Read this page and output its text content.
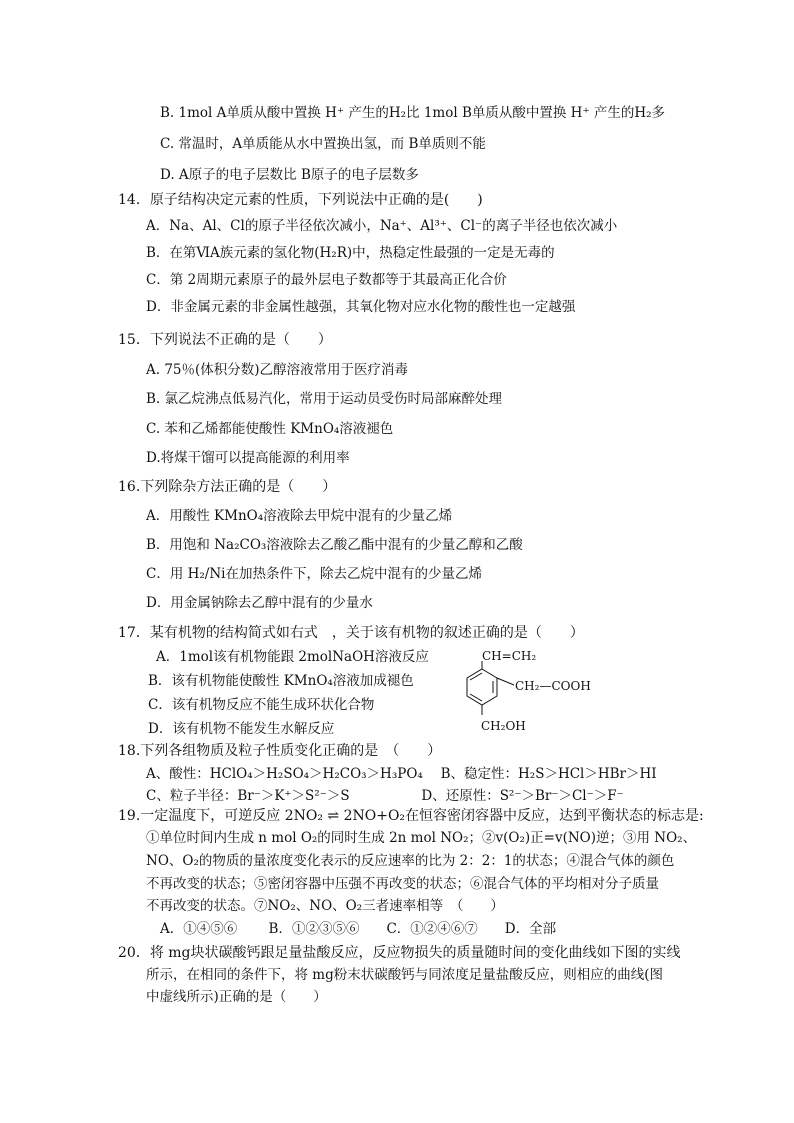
B. 1mol A单质从酸中置换 H⁺ 产生的H₂比 1mol B单质从酸中置换 H⁺ 产生的H₂多
C. 常温时，A单质能从水中置换出氢，而 B单质则不能
D. A原子的电子层数比 B原子的电子层数多
14．原子结构决定元素的性质，下列说法中正确的是(　　)
A．Na、Al、Cl的原子半径依次减小，Na⁺、Al³⁺、Cl⁻的离子半径也依次减小
B．在第ⅥA族元素的氢化物(H₂R)中，热稳定性最强的一定是无毒的
C．第 2周期元素原子的最外层电子数都等于其最高正化合价
D．非金属元素的非金属性越强，其氧化物对应水化物的酸性也一定越强
15．下列说法不正确的是（　　）
A. 75％(体积分数)乙醇溶液常用于医疗消毒
B. 氯乙烷沸点低易汽化，常用于运动员受伤时局部麻醉处理
C. 苯和乙烯都能使酸性 KMnO₄溶液褪色
D.将煤干馏可以提高能源的利用率
16.下列除杂方法正确的是（　　）
A．用酸性 KMnO₄溶液除去甲烷中混有的少量乙烯
B．用饱和 Na₂CO₃溶液除去乙酸乙酯中混有的少量乙醇和乙酸
C．用 H₂/Ni在加热条件下，除去乙烷中混有的少量乙烯
D．用金属钠除去乙醇中混有的少量水
17．某有机物的结构简式如右式　，关于该有机物的叙述正确的是（　　）
A．1mol该有机物能跟 2molNaOH溶液反应
B．该有机物能使酸性 KMnO₄溶液加成褪色
C．该有机物反应不能生成环状化合物
D．该有机物不能发生水解反应
18.下列各组物质及粒子性质变化正确的是　（　　）
A、酸性：HClO₄＞H₂SO₄＞H₂CO₃＞H₃PO₄　 B、稳定性：H₂S＞HCl＞HBr＞HI
C、粒子半径：Br⁻＞K⁺＞S²⁻＞S　　　　　 D、还原性：S²⁻＞Br⁻＞Cl⁻＞F⁻
19.一定温度下，可逆反应 2NO₂ ⇌ 2NO+O₂在恒容密闭容器中反应，达到平衡状态的标志是:
①单位时间内生成 n mol O₂的同时生成 2n mol NO₂；②v(O₂)正=v(NO)逆；③用 NO₂、
NO、O₂的物质的量浓度变化表示的反应速率的比为 2：2：1的状态；④混合气体的颜色
不再改变的状态；⑤密闭容器中压强不再改变的状态；⑥混合气体的平均相对分子质量
不再改变的状态。⑦NO₂、NO、O₂三者速率相等　（　　）
A．①④⑤⑥　　 B．①②③⑤⑥　　C．①②④⑥⑦　　D．全部
20．将 mg块状碳酸钙跟足量盐酸反应，反应物损失的质量随时间的变化曲线如下图的实线
所示，在相同的条件下，将 mg粉末状碳酸钙与同浓度足量盐酸反应，则相应的曲线(图
中虚线所示)正确的是（　　）
CH=CH₂
CH₂—COOH
CH₂OH
